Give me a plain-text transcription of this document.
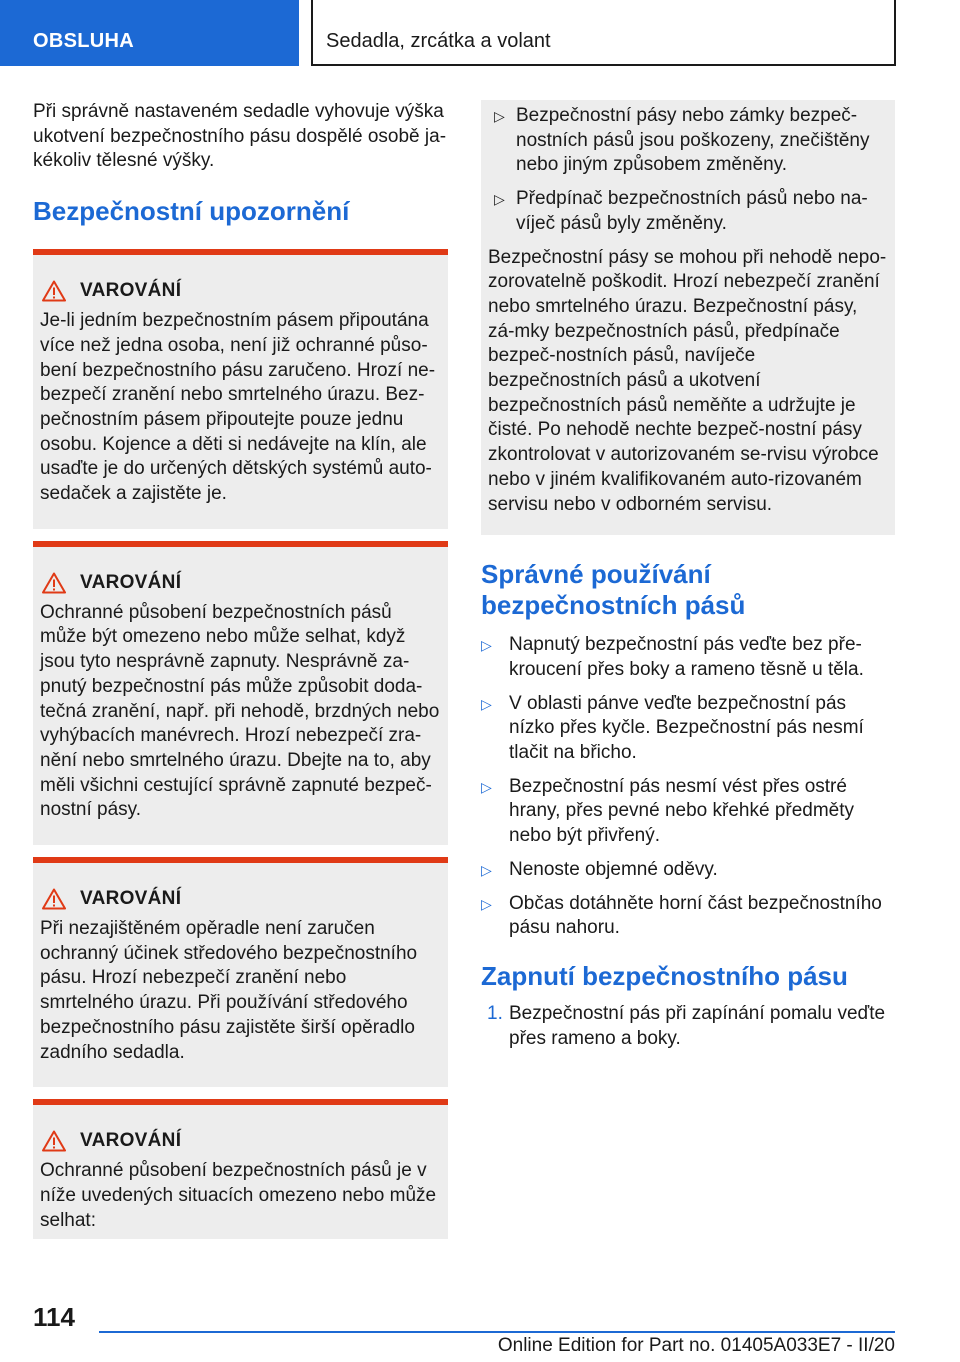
OBSLUHA	Sedadla, zrcátka a volant

Při správně nastaveném sedadle vyhovuje výška ukotvení bezpečnostního pásu dospělé osobě ja-kékoliv tělesné výšky.

Bezpečnostní upozornění
VAROVÁNÍ

Je-li jedním bezpečnostním pásem připoutána více než jedna osoba, není již ochranné půso-bení bezpečnostního pásu zaručeno. Hrozí ne-bezpečí zranění nebo smrtelného úrazu. Bez-pečnostním pásem připoutejte pouze jednu osobu. Kojence a děti si nedávejte na klín, ale usaďte je do určených dětských systémů auto-sedaček a zajistěte je.

VAROVÁNÍ

Ochranné působení bezpečnostních pásů může být omezeno nebo může selhat, když jsou tyto nesprávně zapnuty. Nesprávně za-pnutý bezpečnostní pás může způsobit doda-tečná zranění, např. při nehodě, brzdných nebo vyhýbacích manévrech. Hrozí nebezpečí zra-nění nebo smrtelného úrazu. Dbejte na to, aby měli všichni cestující správně zapnuté bezpeč-nostní pásy.

VAROVÁNÍ

Při nezajištěném opěradle není zaručen ochranný účinek středového bezpečnostního pásu. Hrozí nebezpečí zranění nebo smrtelného úrazu. Při používání středového bezpečnostního pásu zajistěte širší opěradlo zadního sedadla.

VAROVÁNÍ

Ochranné působení bezpečnostních pásů je v níže uvedených situacích omezeno nebo může selhat:

▷ Bezpečnostní pásy nebo zámky bezpeč-nostních pásů jsou poškozeny, znečištěny nebo jiným způsobem změněny.
▷ Předpínač bezpečnostních pásů nebo na-víječ pásů byly změněny.

Bezpečnostní pásy se mohou při nehodě nepo-zorovatelně poškodit. Hrozí nebezpečí zranění nebo smrtelného úrazu. Bezpečnostní pásy, zá-mky bezpečnostních pásů, předpínače bezpeč-nostních pásů, navíječe bezpečnostních pásů a ukotvení bezpečnostních pásů neměňte a udržujte je čisté. Po nehodě nechte bezpeč-nostní pásy zkontrolovat v autorizovaném se-rvisu výrobce nebo v jiném kvalifikovaném auto-rizovaném servisu nebo v odborném servisu.

Správné používání
bezpečnostních pásů
▷ Napnutý bezpečnostní pás veďte bez pře-kroucení přes boky a rameno těsně u těla.
▷ V oblasti pánve veďte bezpečnostní pás nízko přes kyčle. Bezpečnostní pás nesmí tlačit na břicho.
▷ Bezpečnostní pás nesmí vést přes ostré hrany, přes pevné nebo křehké předměty nebo být přivřený.
▷ Nenoste objemné oděvy.
▷ Občas dotáhněte horní část bezpečnostního pásu nahoru.
Zapnutí bezpečnostního pásu
1. Bezpečnostní pás při zapínání pomalu veďte přes rameno a boky.
114
Online Edition for Part no. 01405A033E7 - II/20
